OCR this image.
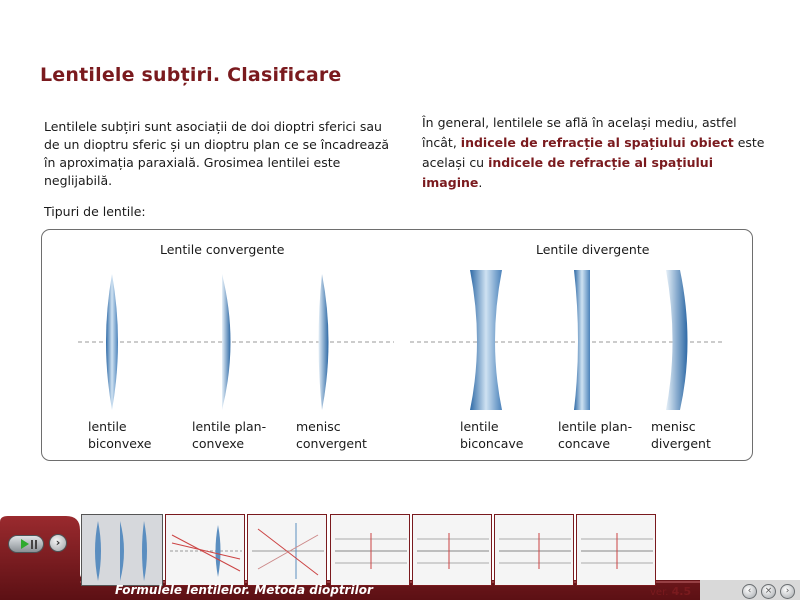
Lentilele subțiri. Clasificare
Lentilele subțiri sunt asociații de doi dioptri sferici sau de un dioptru sferic și un dioptru plan ce se încadrează în aproximația paraxială. Grosimea lentilei este neglijabilă.
În general, lentilele se află în același mediu, astfel încât, indicele de refracție al spațiului obiect este același cu indicele de refracție al spațiului imagine.
Tipuri de lentile:
Lentile convergente	Lentile divergente
lentile
biconvexe
lentile plan-
convexe
menisc
convergent
lentile
biconcave
lentile plan-
concave
menisc
divergent
›
Formulele lentilelor. Metoda dioptrilor	ver. 4.5	‹	×	›
